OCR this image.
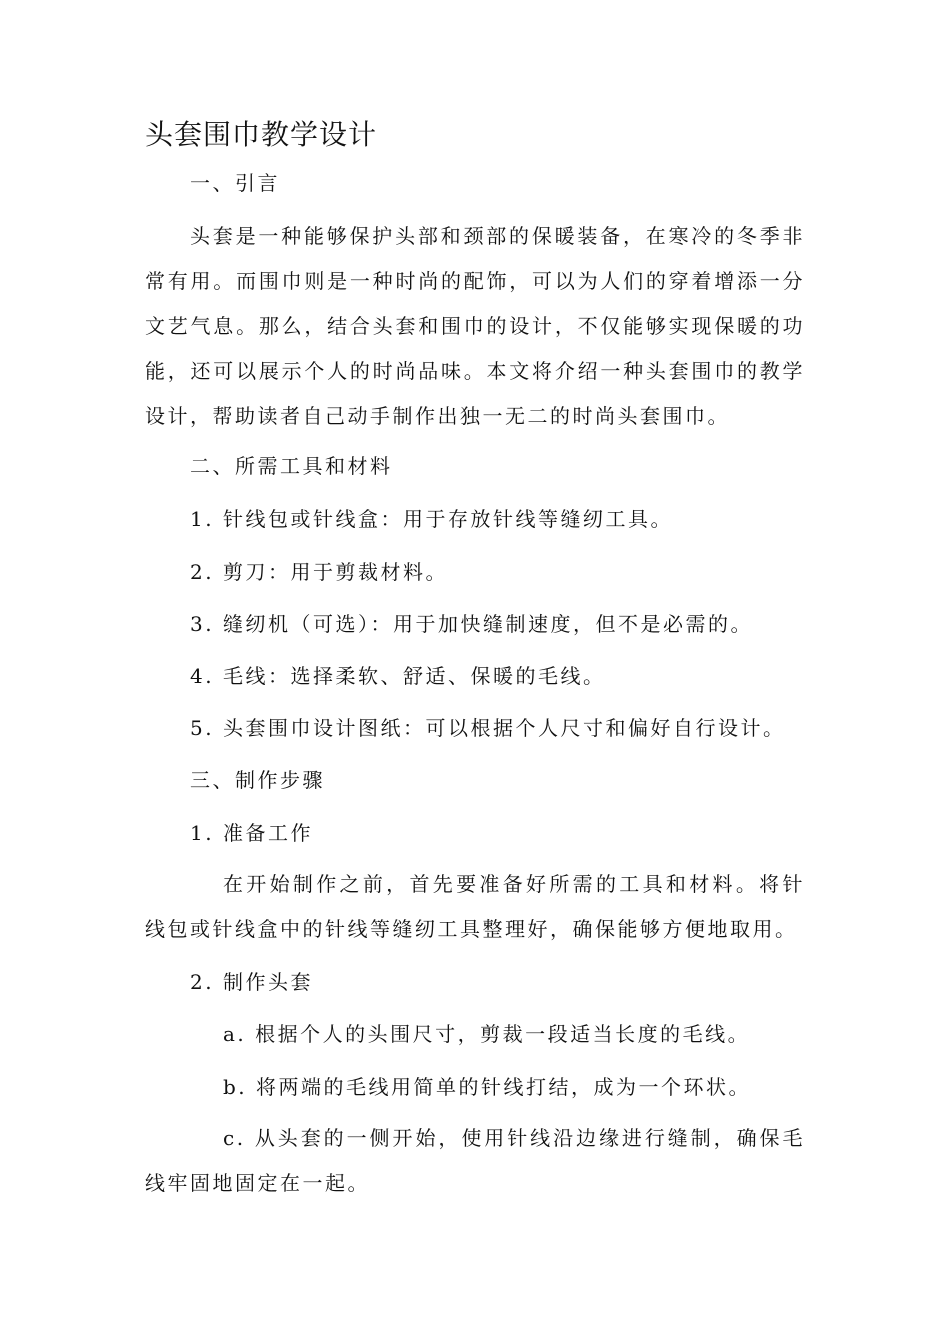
头套围巾教学设计
一、引言
头套是一种能够保护头部和颈部的保暖装备，在寒冷的冬季非常有用。而围巾则是一种时尚的配饰，可以为人们的穿着增添一分文艺气息。那么，结合头套和围巾的设计，不仅能够实现保暖的功能，还可以展示个人的时尚品味。本文将介绍一种头套围巾的教学设计，帮助读者自己动手制作出独一无二的时尚头套围巾。
二、所需工具和材料
1. 针线包或针线盒：用于存放针线等缝纫工具。
2. 剪刀：用于剪裁材料。
3. 缝纫机（可选）：用于加快缝制速度，但不是必需的。
4. 毛线：选择柔软、舒适、保暖的毛线。
5. 头套围巾设计图纸：可以根据个人尺寸和偏好自行设计。
三、制作步骤
1. 准备工作
在开始制作之前，首先要准备好所需的工具和材料。将针线包或针线盒中的针线等缝纫工具整理好，确保能够方便地取用。
2. 制作头套
a. 根据个人的头围尺寸，剪裁一段适当长度的毛线。
b. 将两端的毛线用简单的针线打结，成为一个环状。
c. 从头套的一侧开始，使用针线沿边缘进行缝制，确保毛线牢固地固定在一起。
